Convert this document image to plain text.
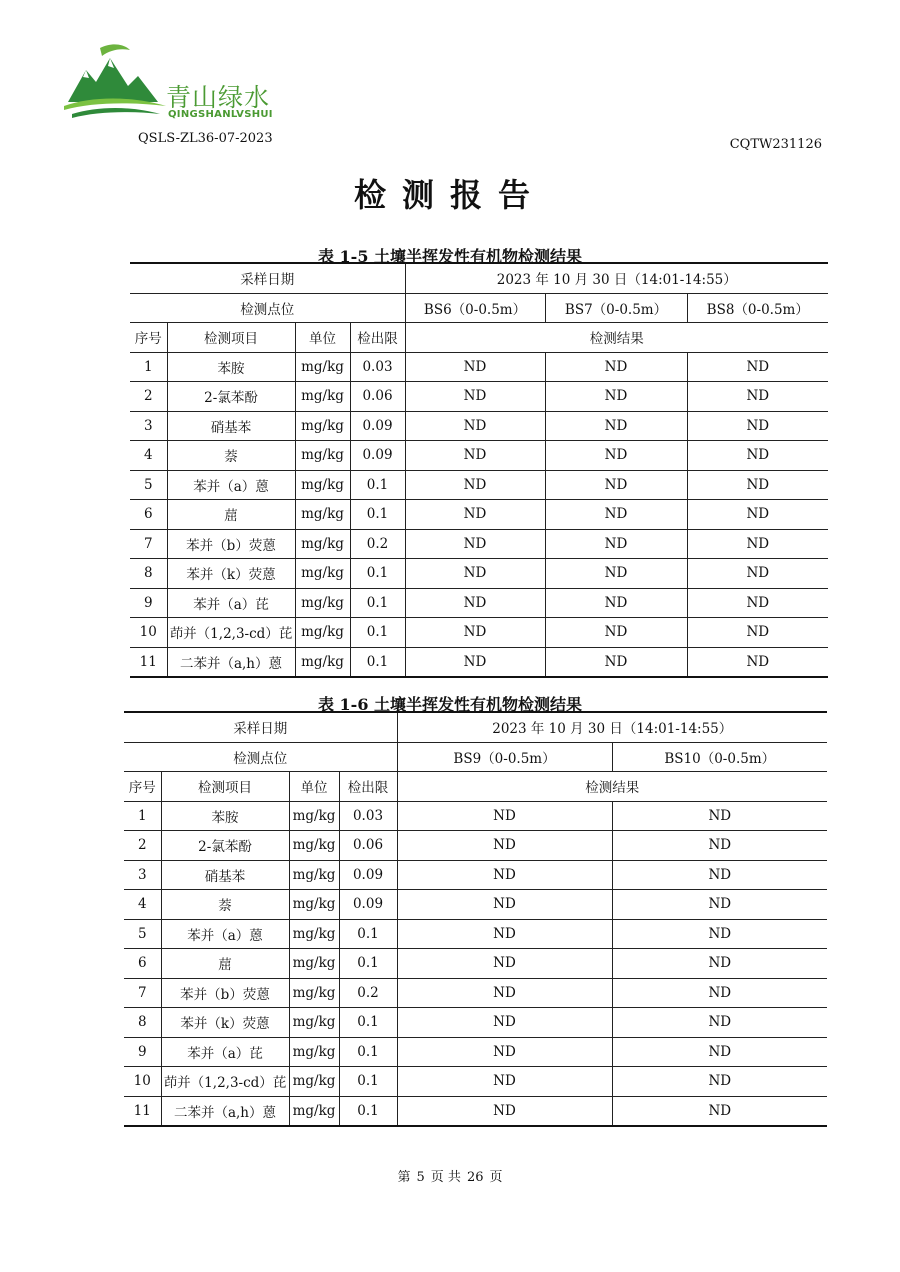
青山绿水
QINGSHANLVSHUI
QSLS-ZL36-07-2023	CQTW231126
检测报告
表 1-5 土壤半挥发性有机物检测结果
采样日期				2023 年 10 月 30 日（14:01-14:55）		
检测点位				BS6（0-0.5m）	BS7（0-0.5m）	BS8（0-0.5m）
序号	检测项目	单位	检出限	检测结果		
1	苯胺	mg/kg	0.03	ND	ND	ND
2	2-氯苯酚	mg/kg	0.06	ND	ND	ND
3	硝基苯	mg/kg	0.09	ND	ND	ND
4	萘	mg/kg	0.09	ND	ND	ND
5	苯并（a）蒽	mg/kg	0.1	ND	ND	ND
6	䓛	mg/kg	0.1	ND	ND	ND
7	苯并（b）荧蒽	mg/kg	0.2	ND	ND	ND
8	苯并（k）荧蒽	mg/kg	0.1	ND	ND	ND
9	苯并（a）芘	mg/kg	0.1	ND	ND	ND
10	茚并（1,2,3-cd）芘	mg/kg	0.1	ND	ND	ND
11	二苯并（a,h）蒽	mg/kg	0.1	ND	ND	ND
表 1-6 土壤半挥发性有机物检测结果
采样日期				2023 年 10 月 30 日（14:01-14:55）	
检测点位				BS9（0-0.5m）	BS10（0-0.5m）
序号	检测项目	单位	检出限	检测结果	
1	苯胺	mg/kg	0.03	ND	ND
2	2-氯苯酚	mg/kg	0.06	ND	ND
3	硝基苯	mg/kg	0.09	ND	ND
4	萘	mg/kg	0.09	ND	ND
5	苯并（a）蒽	mg/kg	0.1	ND	ND
6	䓛	mg/kg	0.1	ND	ND
7	苯并（b）荧蒽	mg/kg	0.2	ND	ND
8	苯并（k）荧蒽	mg/kg	0.1	ND	ND
9	苯并（a）芘	mg/kg	0.1	ND	ND
10	茚并（1,2,3-cd）芘	mg/kg	0.1	ND	ND
11	二苯并（a,h）蒽	mg/kg	0.1	ND	ND
第 5 页 共 26 页
